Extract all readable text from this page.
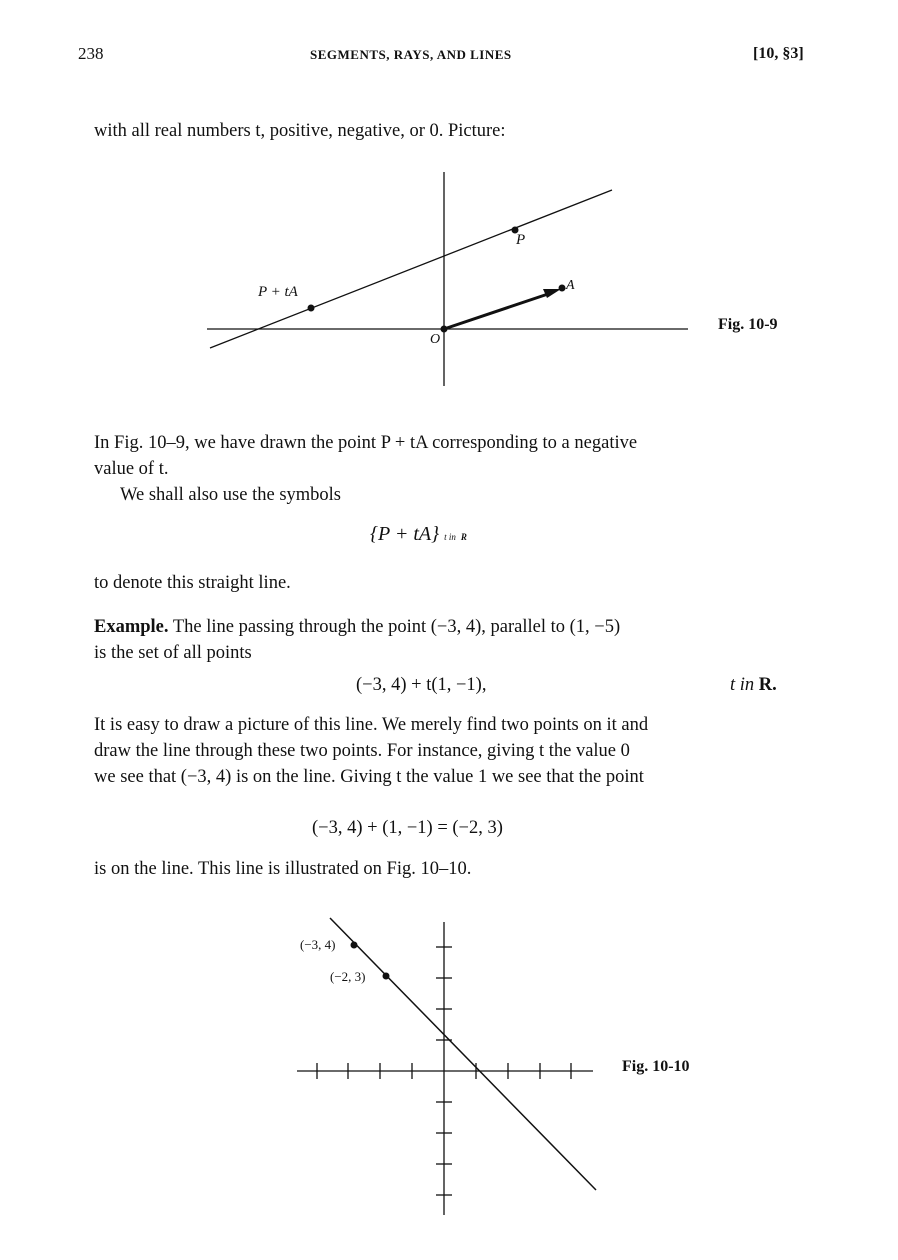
238	SEGMENTS, RAYS, AND LINES	[10, §3]
with all real numbers t, positive, negative, or 0. Picture:
P
A
O
P + tA
Fig. 10-9
In Fig. 10–9, we have drawn the point P + tA corresponding to a negative
value of t.
We shall also use the symbols
{P + tA} t in R
to denote this straight line.
Example. The line passing through the point (−3, 4), parallel to (1, −5)
is the set of all points
(−3, 4) + t(1, −1),	t in R.
It is easy to draw a picture of this line. We merely find two points on it and
draw the line through these two points. For instance, giving t the value 0
we see that (−3, 4) is on the line. Giving t the value 1 we see that the point
(−3, 4) + (1, −1) = (−2, 3)
is on the line. This line is illustrated on Fig. 10–10.
(−3, 4)
(−2, 3)
Fig. 10-10
